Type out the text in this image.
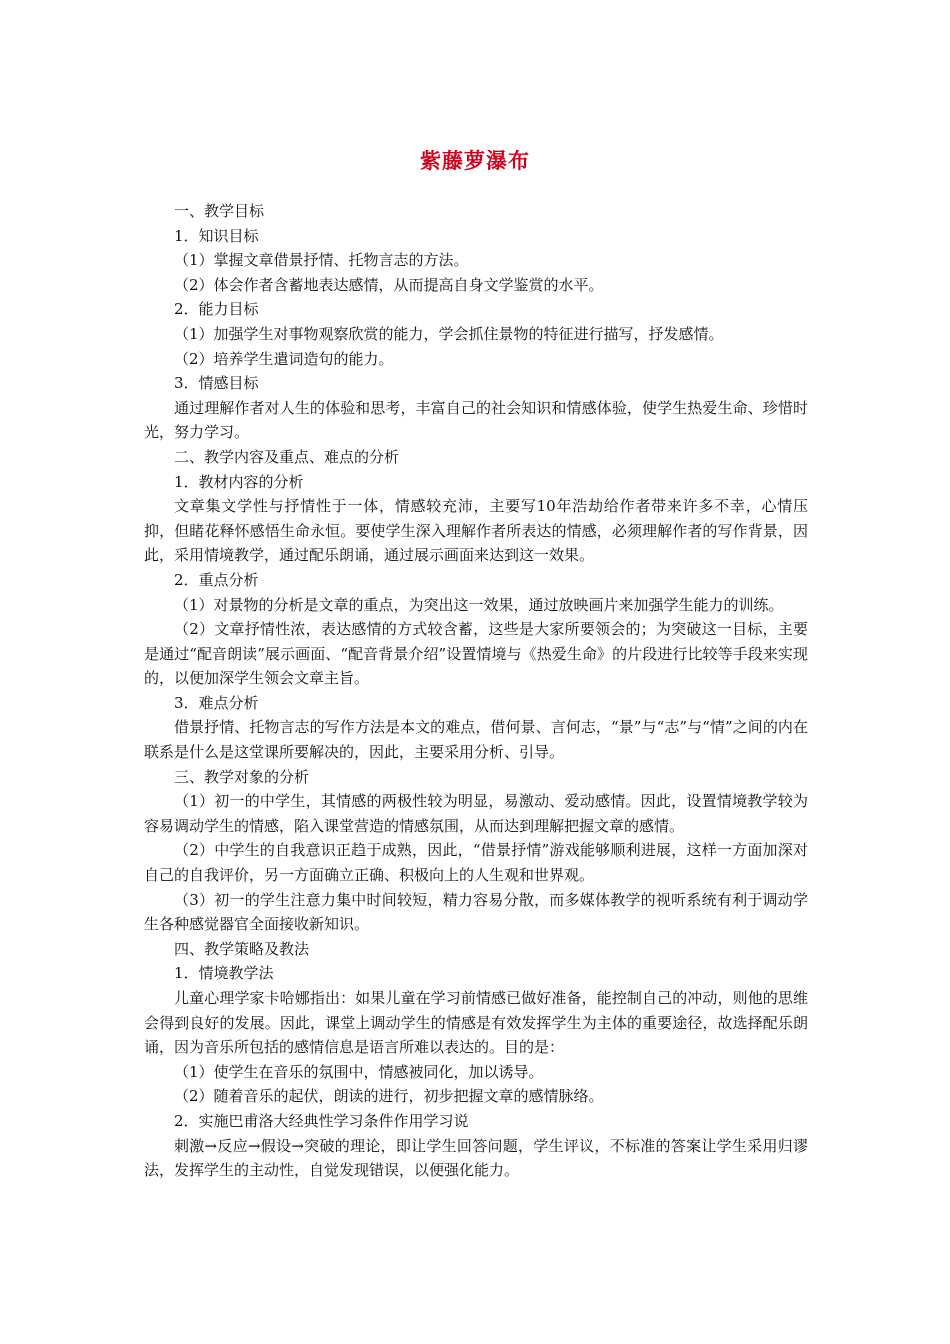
紫藤萝瀑布

一、教学目标

1．知识目标

（1）掌握文章借景抒情、托物言志的方法。

（2）体会作者含蓄地表达感情，从而提高自身文学鉴赏的水平。

2．能力目标

（1）加强学生对事物观察欣赏的能力，学会抓住景物的特征进行描写，抒发感情。

（2）培养学生遣词造句的能力。

3．情感目标

通过理解作者对人生的体验和思考，丰富自己的社会知识和情感体验，使学生热爱生命、珍惜时光，努力学习。

二、教学内容及重点、难点的分析

1．教材内容的分析

文章集文学性与抒情性于一体，情感较充沛，主要写10年浩劫给作者带来许多不幸，心情压抑，但睹花释怀感悟生命永恒。要使学生深入理解作者所表达的情感，必须理解作者的写作背景，因此，采用情境教学，通过配乐朗诵，通过展示画面来达到这一效果。

2．重点分析

（1）对景物的分析是文章的重点，为突出这一效果，通过放映画片来加强学生能力的训练。

（2）文章抒情性浓，表达感情的方式较含蓄，这些是大家所要领会的；为突破这一目标，主要是通过“配音朗读”展示画面、“配音背景介绍”设置情境与《热爱生命》的片段进行比较等手段来实现的，以便加深学生领会文章主旨。

3．难点分析

借景抒情、托物言志的写作方法是本文的难点，借何景、言何志，“景”与“志”与“情”之间的内在联系是什么是这堂课所要解决的，因此，主要采用分析、引导。

三、教学对象的分析

（1）初一的中学生，其情感的两极性较为明显，易激动、爱动感情。因此，设置情境教学较为容易调动学生的情感，陷入课堂营造的情感氛围，从而达到理解把握文章的感情。

（2）中学生的自我意识正趋于成熟，因此，“借景抒情”游戏能够顺利进展，这样一方面加深对自己的自我评价，另一方面确立正确、积极向上的人生观和世界观。

（3）初一的学生注意力集中时间较短，精力容易分散，而多媒体教学的视听系统有利于调动学生各种感觉器官全面接收新知识。

四、教学策略及教法

1．情境教学法

儿童心理学家卡哈娜指出：如果儿童在学习前情感已做好准备，能控制自己的冲动，则他的思维会得到良好的发展。因此，课堂上调动学生的情感是有效发挥学生为主体的重要途径，故选择配乐朗诵，因为音乐所包括的感情信息是语言所难以表达的。目的是：

（1）使学生在音乐的氛围中，情感被同化，加以诱导。

（2）随着音乐的起伏，朗读的进行，初步把握文章的感情脉络。

2．实施巴甫洛大经典性学习条件作用学习说

刺激→反应→假设→突破的理论，即让学生回答问题，学生评议，不标准的答案让学生采用归谬法，发挥学生的主动性，自觉发现错误，以便强化能力。
